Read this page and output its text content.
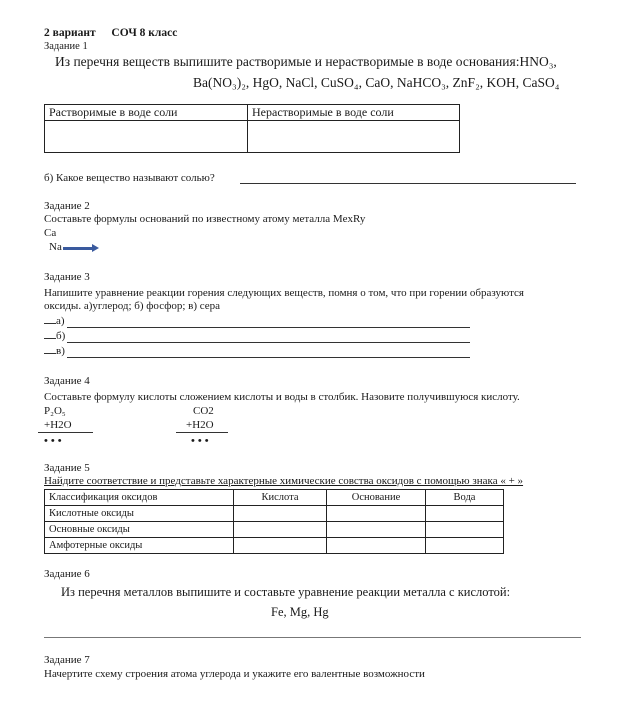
2 вариант СОЧ 8 класс
Задание 1
Из перечня веществ выпишите растворимые и нерастворимые в воде основания:HNO₃,
Ba(NO₃)₂, HgO, NaCl, CuSO₄, CaO, NaHCO₃, ZnF₂, KOH, CaSO₄
Растворимые в воде соли	Нерастворимые в воде соли

б) Какое вещество называют солью?
Задание 2
Составьте формулы оснований по известному атому металла MexRy
Ca
Na
Задание 3
Напишите уравнение реакции горения следующих веществ, помня о том, что при горении образуются
оксиды. а)углерод; б) фосфор; в) сера
а)
б)
в)
Задание 4
Составьте формулу кислоты сложением кислоты и воды в столбик. Назовите получившуюся кислоту.
P₂O₅	CO2
+H2O	+H2O
•••	•••
Задание 5
Найдите соответствие и представьте характерные химические совства оксидов с помощью знака « + »
Классификация оксидов	Кислота	Основание	Вода
Кислотные оксиды			
Основные оксиды			
Амфотерные оксиды			
Задание 6
Из перечня металлов выпишите и составьте уравнение реакции металла с кислотой:
Fe, Mg, Hg
Задание 7
Начертите схему строения атома углерода и укажите его валентные возможности
